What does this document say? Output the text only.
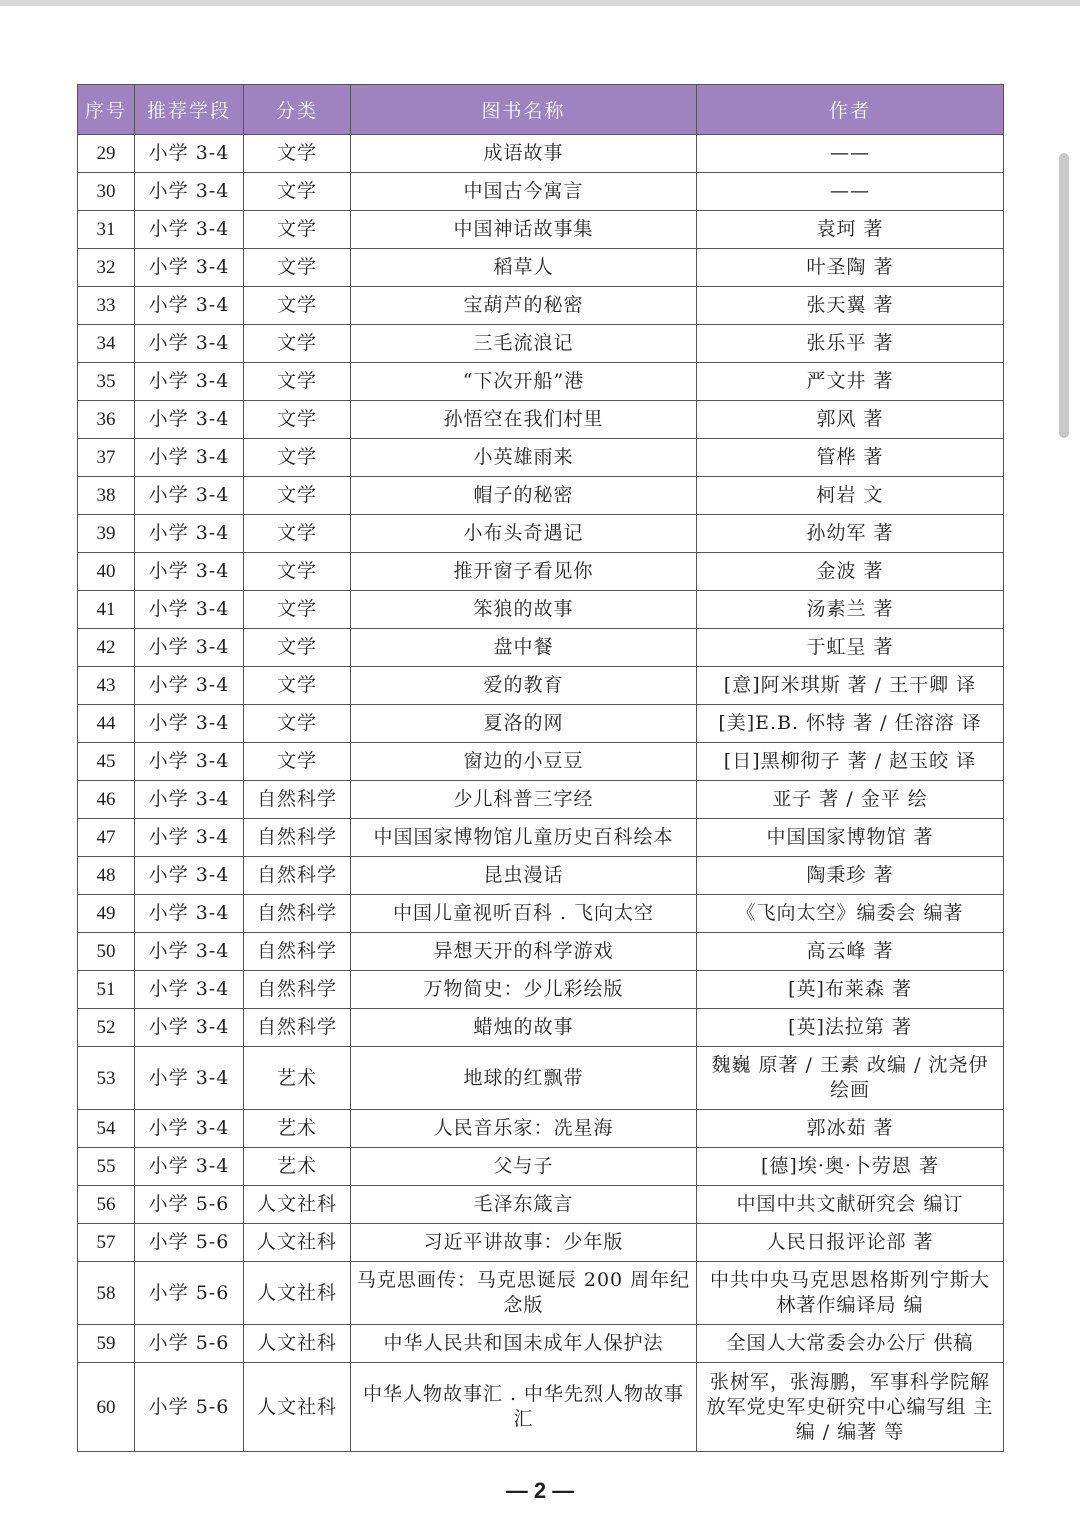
序号	推荐学段	分类	图书名称	作者
29	小学 3-4	文学	成语故事	——
30	小学 3-4	文学	中国古今寓言	——
31	小学 3-4	文学	中国神话故事集	袁珂 著
32	小学 3-4	文学	稻草人	叶圣陶 著
33	小学 3-4	文学	宝葫芦的秘密	张天翼 著
34	小学 3-4	文学	三毛流浪记	张乐平 著
35	小学 3-4	文学	“下次开船”港	严文井 著
36	小学 3-4	文学	孙悟空在我们村里	郭风 著
37	小学 3-4	文学	小英雄雨来	管桦 著
38	小学 3-4	文学	帽子的秘密	柯岩 文
39	小学 3-4	文学	小布头奇遇记	孙幼军 著
40	小学 3-4	文学	推开窗子看见你	金波 著
41	小学 3-4	文学	笨狼的故事	汤素兰 著
42	小学 3-4	文学	盘中餐	于虹呈 著
43	小学 3-4	文学	爱的教育	[意]阿米琪斯 著 / 王干卿 译
44	小学 3-4	文学	夏洛的网	[美]E.B. 怀特 著 / 任溶溶 译
45	小学 3-4	文学	窗边的小豆豆	[日]黑柳彻子 著 / 赵玉皎 译
46	小学 3-4	自然科学	少儿科普三字经	亚子 著 / 金平 绘
47	小学 3-4	自然科学	中国国家博物馆儿童历史百科绘本	中国国家博物馆 著
48	小学 3-4	自然科学	昆虫漫话	陶秉珍 著
49	小学 3-4	自然科学	中国儿童视听百科 . 飞向太空	《飞向太空》编委会 编著
50	小学 3-4	自然科学	异想天开的科学游戏	高云峰 著
51	小学 3-4	自然科学	万物简史：少儿彩绘版	[英]布莱森 著
52	小学 3-4	自然科学	蜡烛的故事	[英]法拉第 著
53	小学 3-4	艺术	地球的红飘带	魏巍 原著 / 王素 改编 / 沈尧伊 绘画
54	小学 3-4	艺术	人民音乐家：冼星海	郭冰茹 著
55	小学 3-4	艺术	父与子	[德]埃·奥·卜劳恩 著
56	小学 5-6	人文社科	毛泽东箴言	中国中共文献研究会 编订
57	小学 5-6	人文社科	习近平讲故事：少年版	人民日报评论部 著
58	小学 5-6	人文社科	马克思画传：马克思诞辰 200 周年纪念版	中共中央马克思恩格斯列宁斯大林著作编译局 编
59	小学 5-6	人文社科	中华人民共和国未成年人保护法	全国人大常委会办公厅 供稿
60	小学 5-6	人文社科	中华人物故事汇 . 中华先烈人物故事汇	张树军，张海鹏，军事科学院解放军党史军史研究中心编写组 主编 / 编著 等
— 2 —
